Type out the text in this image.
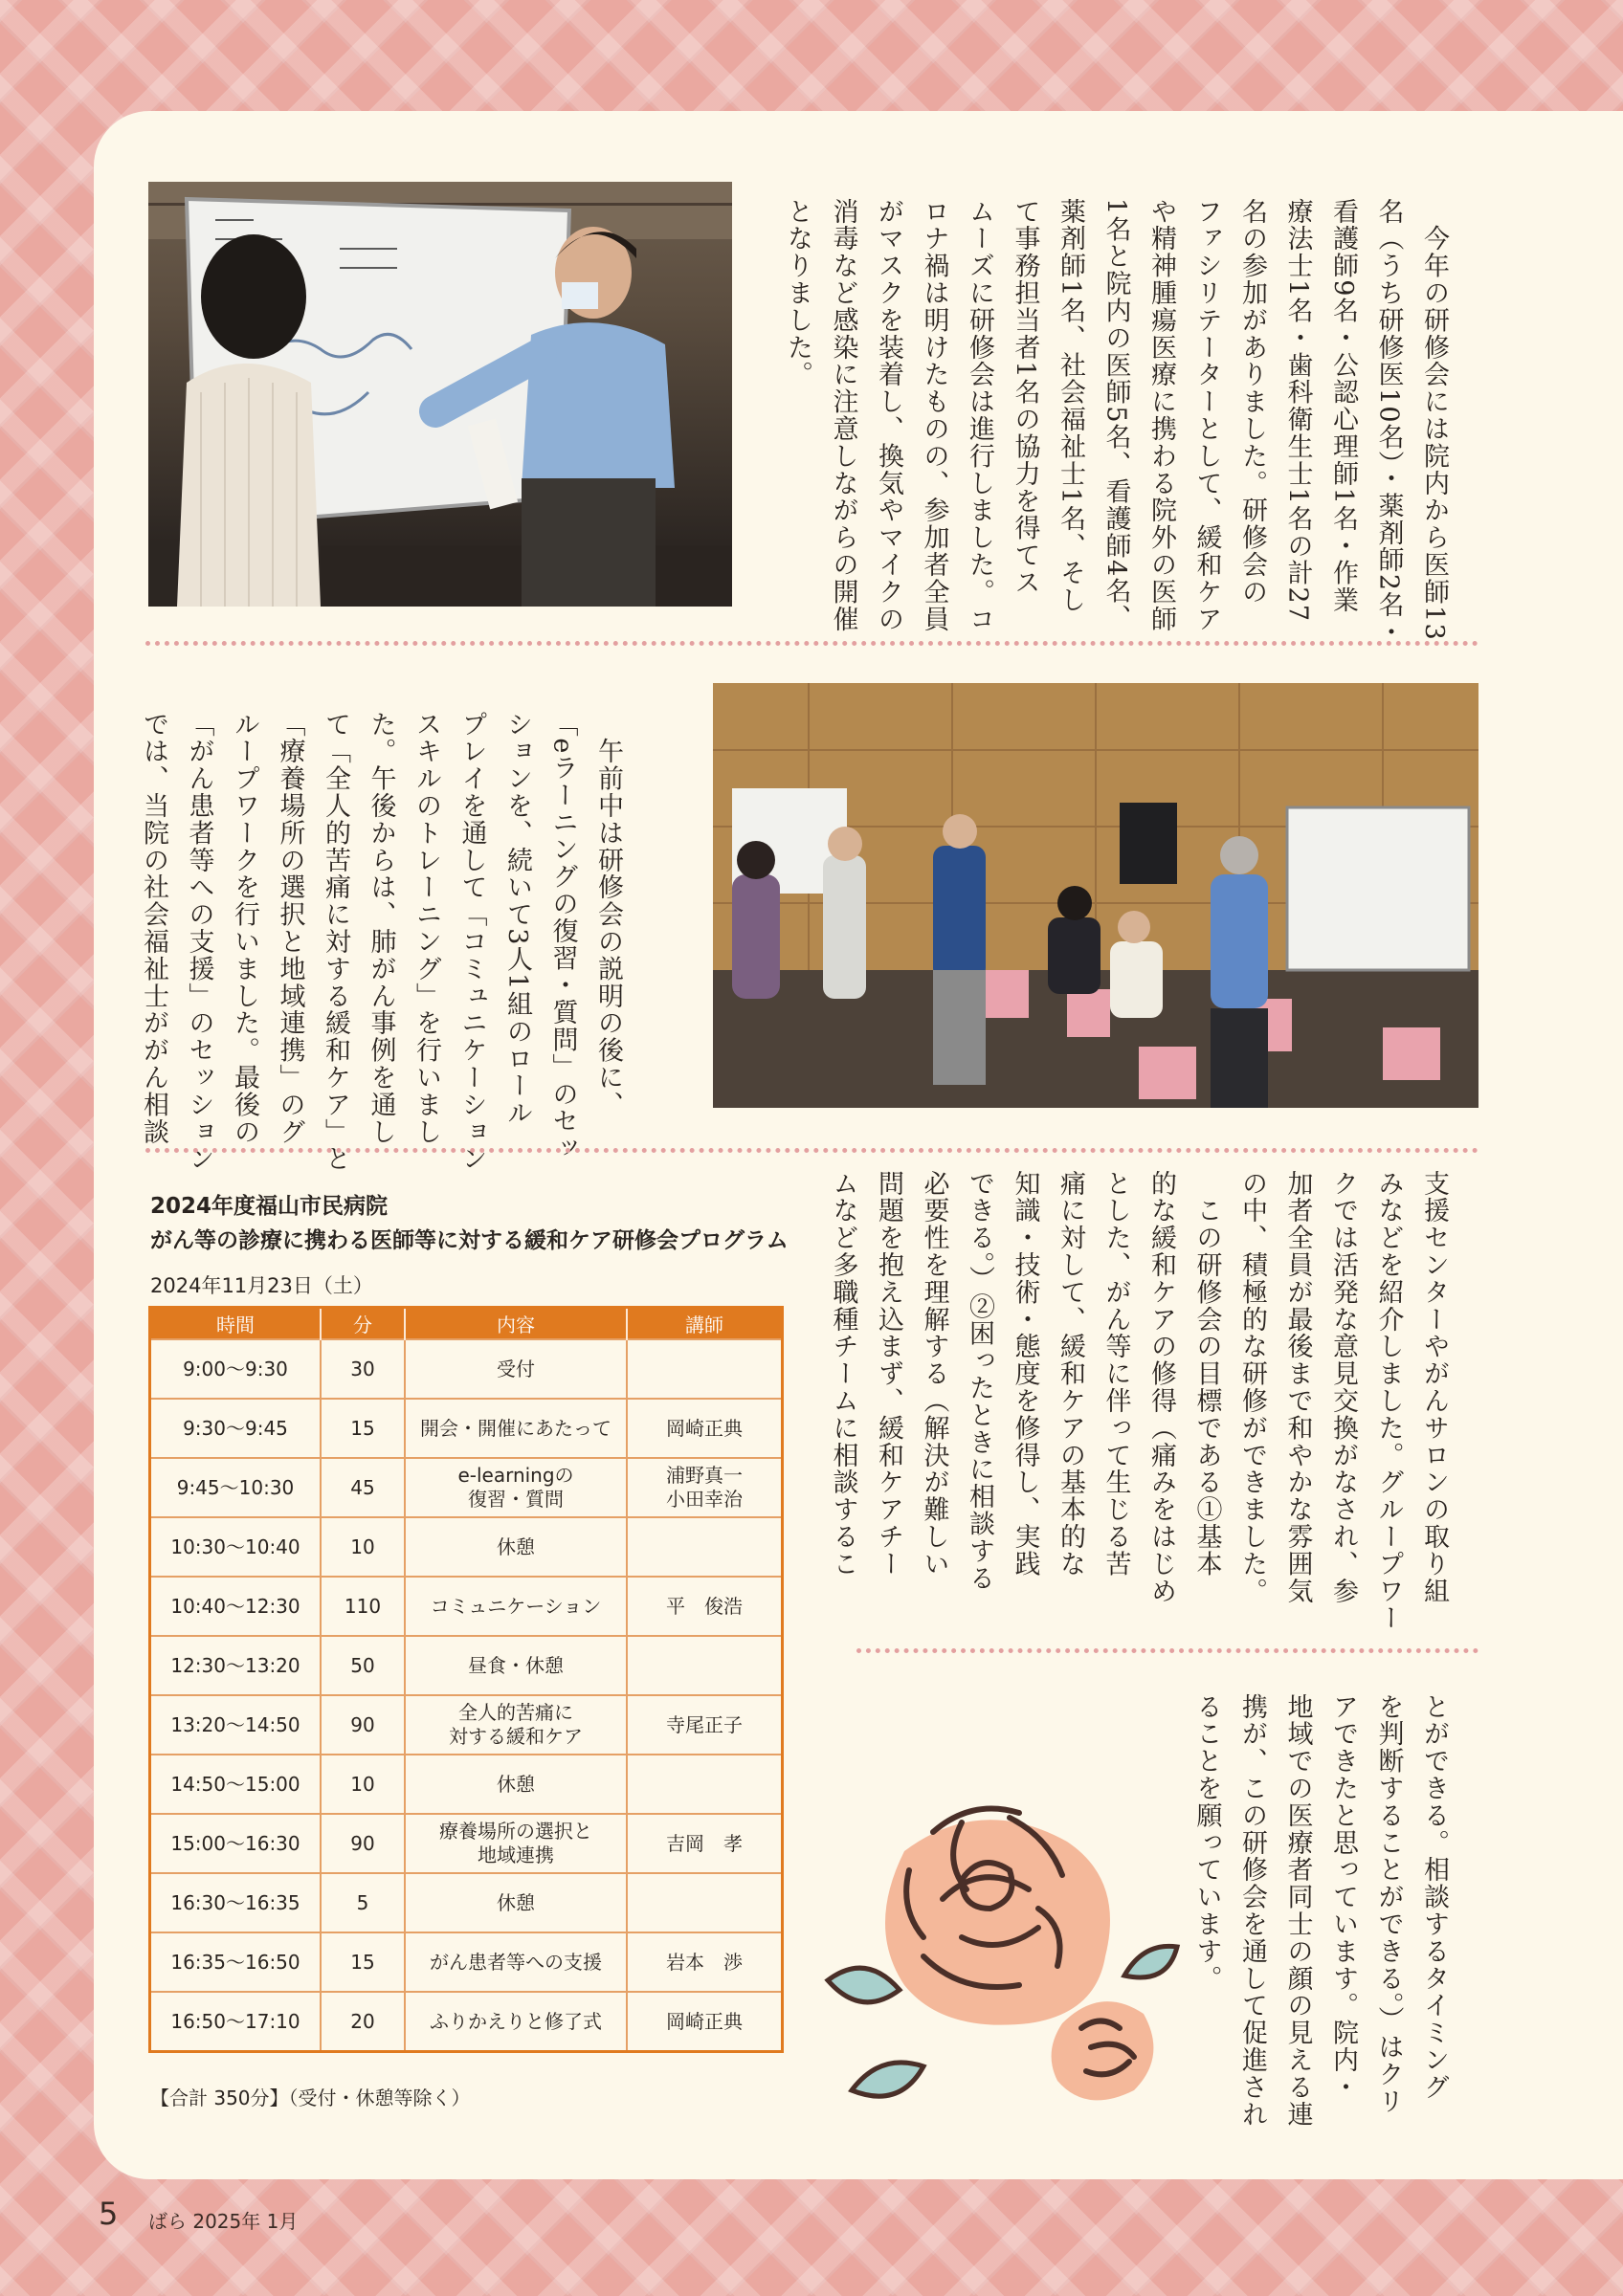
　今年の研修会には院内から医師13
名（うち研修医10名）・薬剤師2名・
看護師9名・公認心理師1名・作業
療法士1名・歯科衛生士1名の計27
名の参加がありました。研修会の
ファシリテーターとして、緩和ケア
や精神腫瘍医療に携わる院外の医師
1名と院内の医師5名、看護師4名、
薬剤師1名、社会福祉士1名、そし
て事務担当者1名の協力を得てス
ムーズに研修会は進行しました。コ
ロナ禍は明けたものの、参加者全員
がマスクを装着し、換気やマイクの
消毒など感染に注意しながらの開催
となりました。
　午前中は研修会の説明の後に、
「eラーニングの復習・質問」のセッ
ションを、続いて3人1組のロール
プレイを通して「コミュニケーション
スキルのトレーニング」を行いまし
た。午後からは、肺がん事例を通し
て「全人的苦痛に対する緩和ケア」と
「療養場所の選択と地域連携」のグ
ループワークを行いました。最後の
「がん患者等への支援」のセッション
では、当院の社会福祉士ががん相談
2024年度福山市民病院
がん等の診療に携わる医師等に対する緩和ケア研修会プログラム
2024年11月23日（土）
時間	分	内容	講師
9:00〜9:30	30	受付	
9:30〜9:45	15	開会・開催にあたって	岡崎正典
9:45〜10:30	45	e-learningの
復習・質問	浦野真一
小田幸治
10:30〜10:40	10	休憩	
10:40〜12:30	110	コミュニケーション	平　俊浩
12:30〜13:20	50	昼食・休憩	
13:20〜14:50	90	全人的苦痛に
対する緩和ケア	寺尾正子
14:50〜15:00	10	休憩	
15:00〜16:30	90	療養場所の選択と
地域連携	吉岡　孝
16:30〜16:35	5	休憩	
16:35〜16:50	15	がん患者等への支援	岩本　渉
16:50〜17:10	20	ふりかえりと修了式	岡崎正典
【合計 350分】（受付・休憩等除く）
支援センターやがんサロンの取り組
みなどを紹介しました。グループワー
クでは活発な意見交換がなされ、参
加者全員が最後まで和やかな雰囲気
の中、積極的な研修ができました。
　この研修会の目標である①基本
的な緩和ケアの修得（痛みをはじめ
とした、がん等に伴って生じる苦
痛に対して、緩和ケアの基本的な
知識・技術・態度を修得し、実践
できる。）②困ったときに相談する
必要性を理解する（解決が難しい
問題を抱え込まず、緩和ケアチー
ムなど多職種チームに相談するこ
とができる。相談するタイミング
を判断することができる。）はクリ
アできたと思っています。院内・
地域での医療者同士の顔の見える連
携が、この研修会を通して促進され
ることを願っています。
5 ばら 2025年 1月
